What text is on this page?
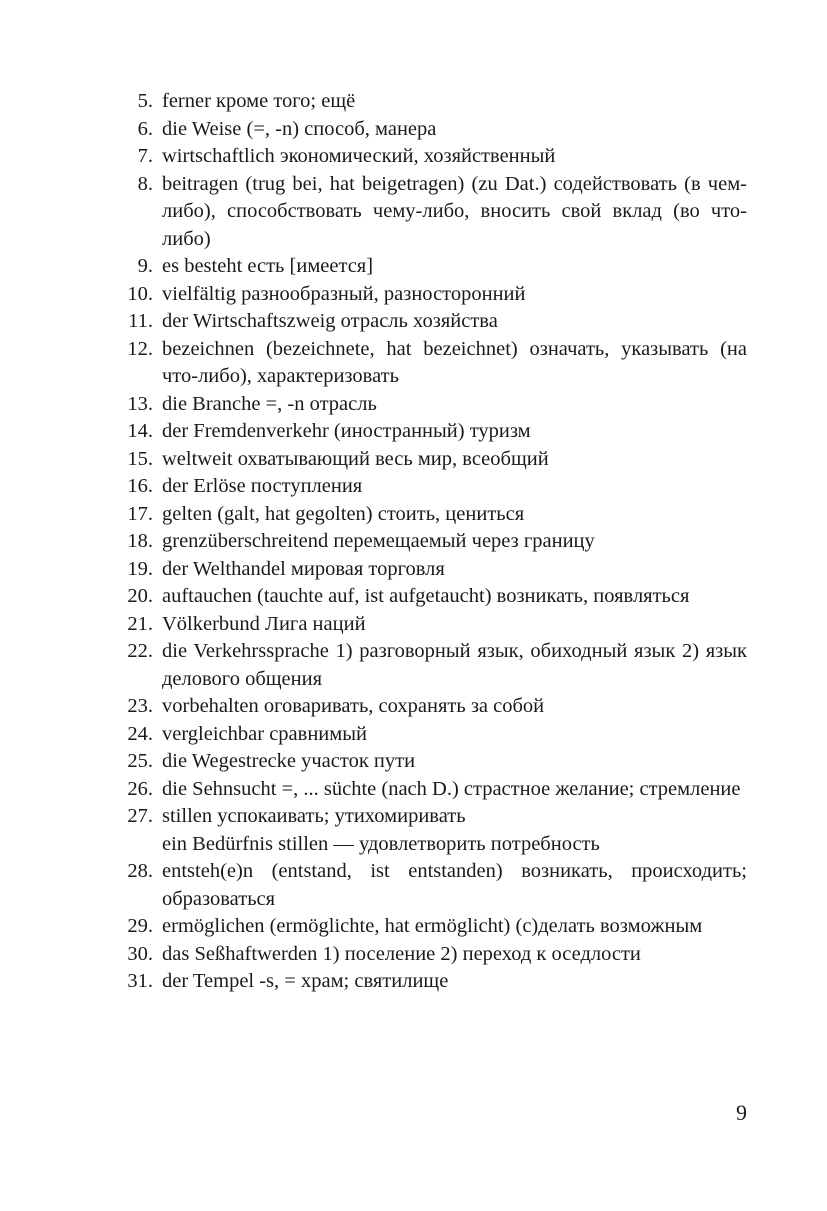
5. ferner кроме того; ещё
6. die Weise (=, -n) способ, манера
7. wirtschaftlich экономический, хозяйственный
8. beitragen (trug bei, hat beigetragen) (zu Dat.) содействовать (в чем-либо), способствовать чему-либо, вносить свой вклад (во что-либо)
9. es besteht есть [имеется]
10. vielfältig разнообразный, разносторонний
11. der Wirtschaftszweig отрасль хозяйства
12. bezeichnen (bezeichnete, hat bezeichnet) означать, указывать (на что-либо), характеризовать
13. die Branche =, -n отрасль
14. der Fremdenverkehr (иностранный) туризм
15. weltweit охватывающий весь мир, всеобщий
16. der Erlöse поступления
17. gelten (galt, hat gegolten) стоить, цениться
18. grenzüberschreitend перемещаемый через границу
19. der Welthandel мировая торговля
20. auftauchen (tauchte auf, ist aufgetaucht) возникать, появляться
21. Völkerbund Лига наций
22. die Verkehrssprache 1) разговорный язык, обиходный язык 2) язык делового общения
23. vorbehalten оговаривать, сохранять за собой
24. vergleichbar сравнимый
25. die Wegestrecke участок пути
26. die Sehnsucht =, ... süchte (nach D.) страстное желание; стремление
27. stillen успокаивать; утихомиривать
ein Bedürfnis stillen — удовлетворить потребность
28. entsteh(e)n (entstand, ist entstanden) возникать, происходить; образоваться
29. ermöglichen (ermöglichte, hat ermöglicht) (с)делать возможным
30. das Seßhaftwerden 1) поселение 2) переход к оседлости
31. der Tempel -s, = храм; святилище
9
